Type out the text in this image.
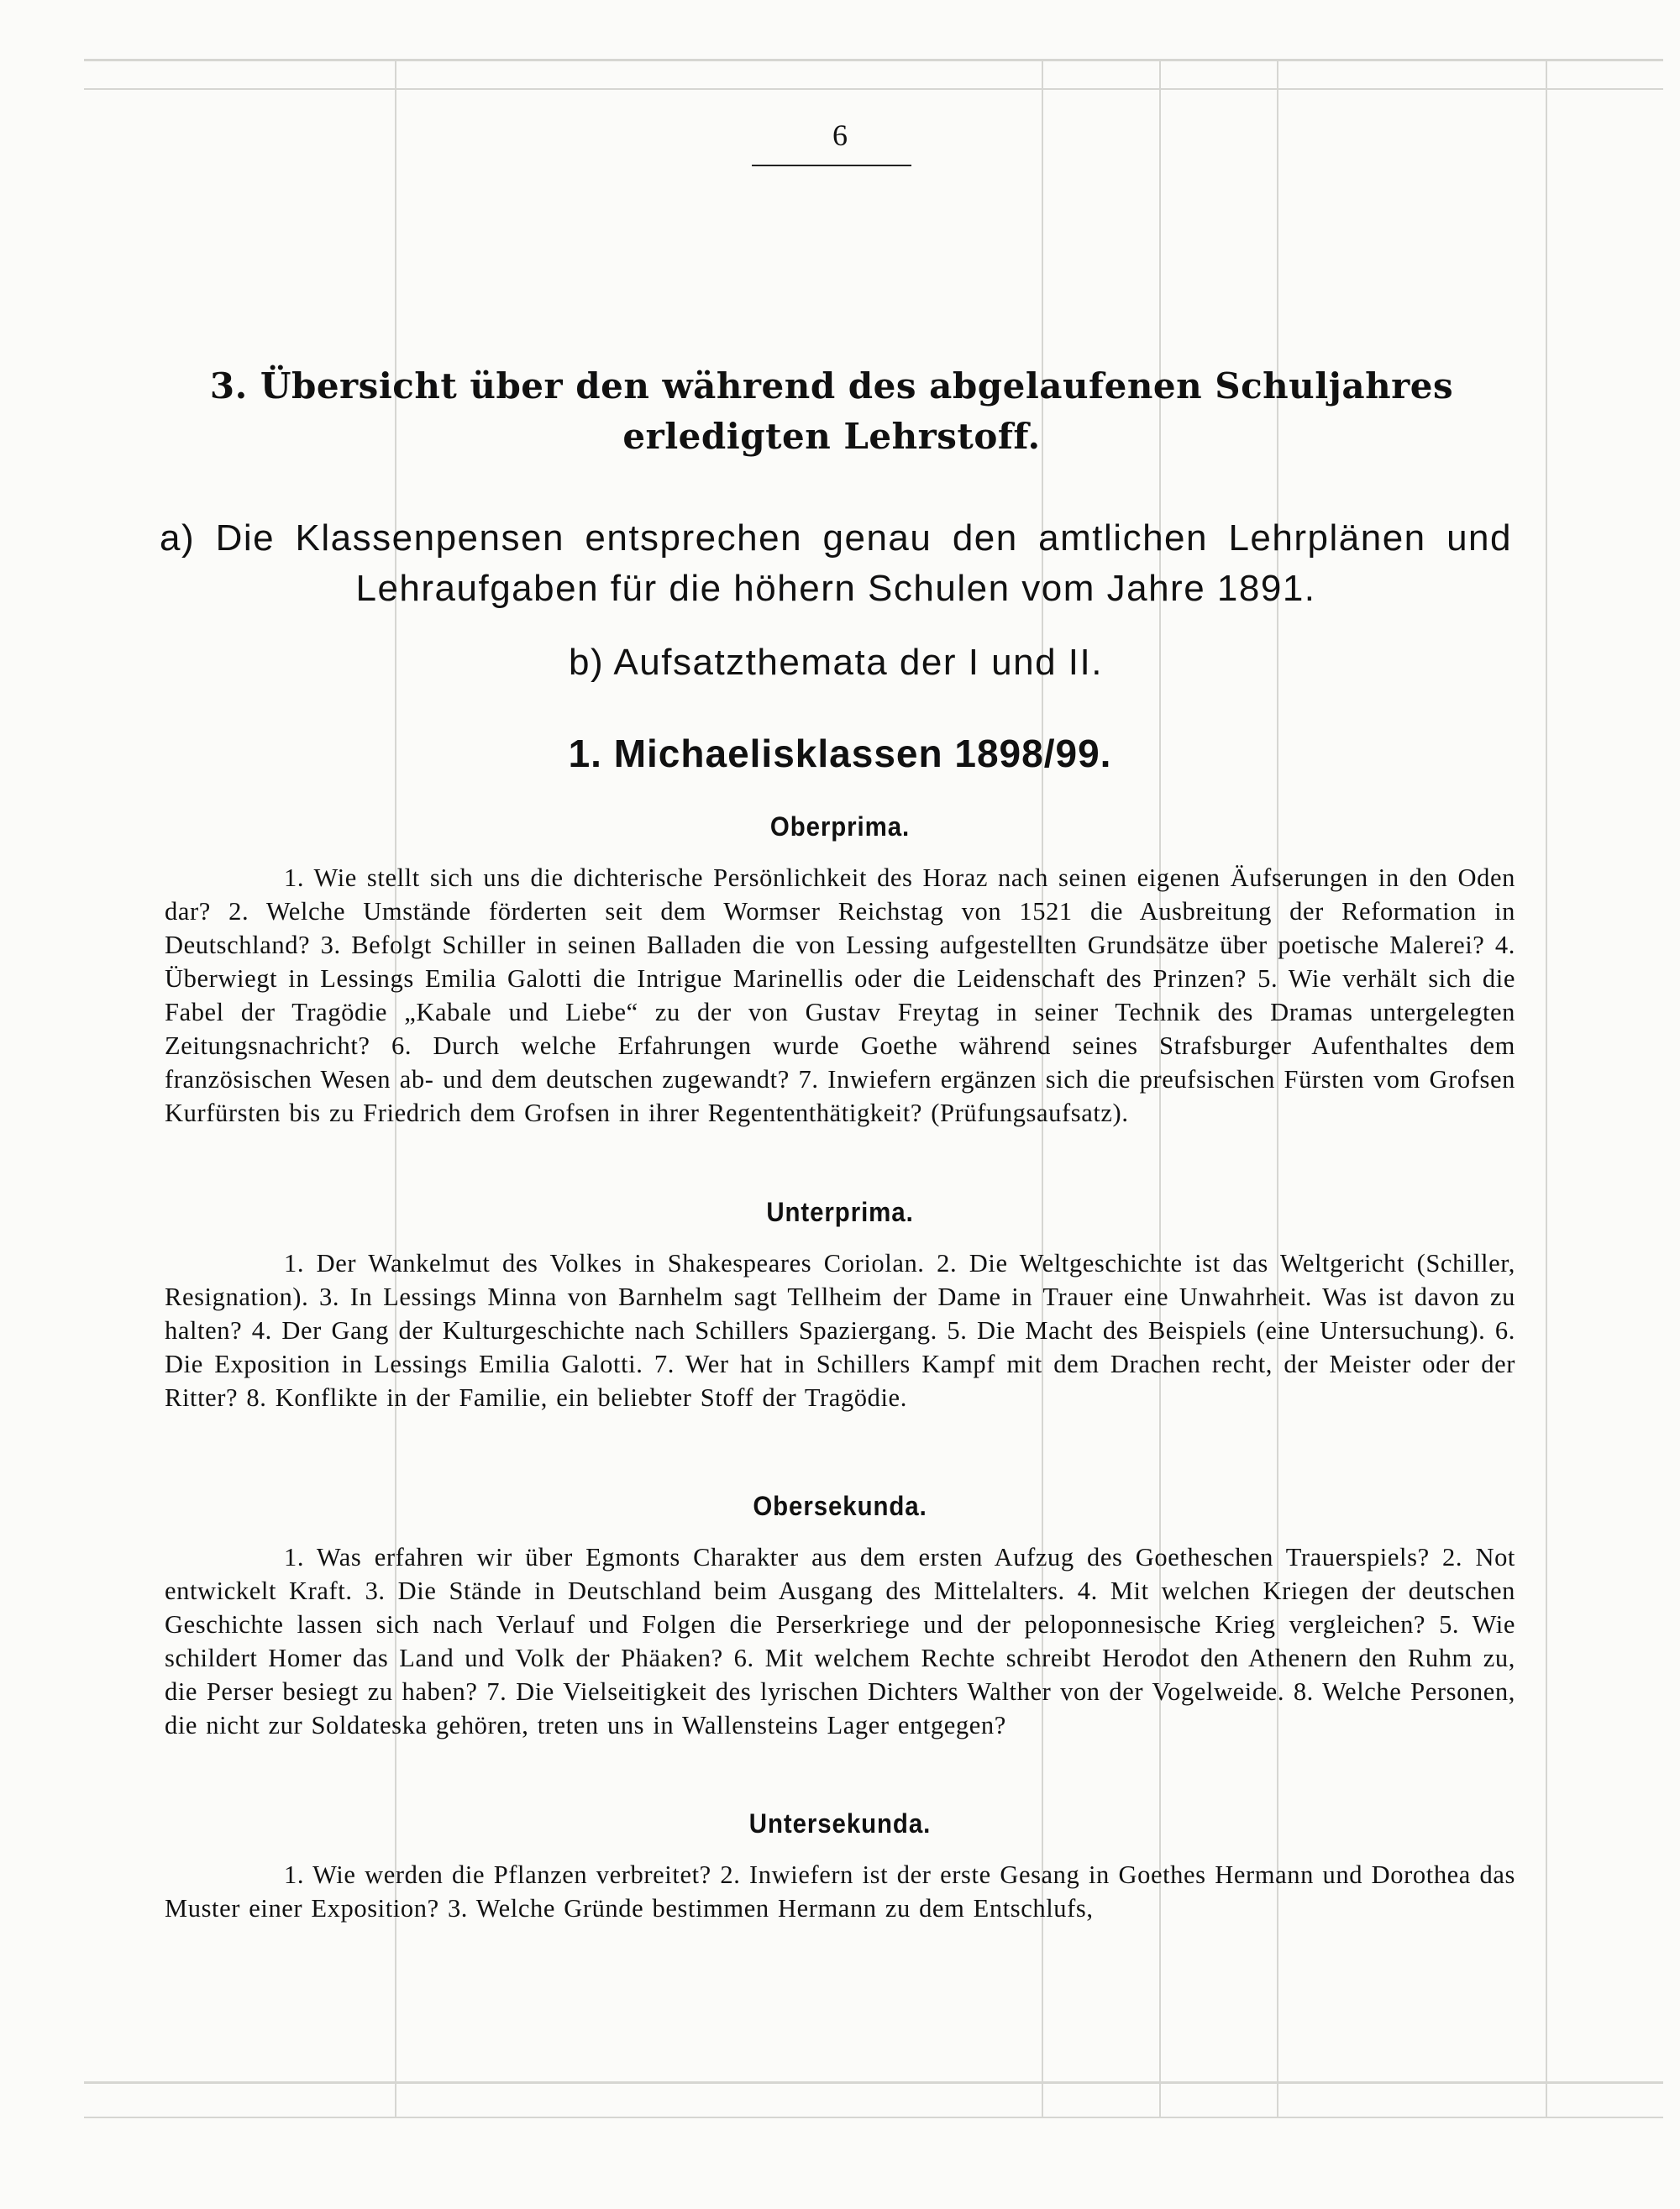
6
3. Übersicht über den während des abgelaufenen Schuljahres erledigten Lehrstoff.
a) Die Klassenpensen entsprechen genau den amtlichen Lehrplänen und
Lehraufgaben für die höhern Schulen vom Jahre 1891.
b) Aufsatzthemata der I und II.
1. Michaelisklassen 1898/99.
Oberprima.
1. Wie stellt sich uns die dichterische Persönlichkeit des Horaz nach seinen eigenen Äufserungen in den Oden dar? 2. Welche Umstände förderten seit dem Wormser Reichstag von 1521 die Ausbreitung der Reformation in Deutschland? 3. Befolgt Schiller in seinen Balladen die von Lessing aufgestellten Grundsätze über poetische Malerei? 4. Überwiegt in Lessings Emilia Galotti die Intrigue Marinellis oder die Leidenschaft des Prinzen? 5. Wie verhält sich die Fabel der Tragödie „Kabale und Liebe“ zu der von Gustav Freytag in seiner Technik des Dramas untergelegten Zeitungsnachricht? 6. Durch welche Erfahrungen wurde Goethe während seines Strafsburger Aufenthaltes dem französischen Wesen ab- und dem deutschen zugewandt? 7. Inwiefern ergänzen sich die preufsischen Fürsten vom Grofsen Kurfürsten bis zu Friedrich dem Grofsen in ihrer Regententhätigkeit? (Prüfungsaufsatz).
Unterprima.
1. Der Wankelmut des Volkes in Shakespeares Coriolan. 2. Die Weltgeschichte ist das Weltgericht (Schiller, Resignation). 3. In Lessings Minna von Barnhelm sagt Tellheim der Dame in Trauer eine Unwahrheit. Was ist davon zu halten? 4. Der Gang der Kulturgeschichte nach Schillers Spaziergang. 5. Die Macht des Beispiels (eine Untersuchung). 6. Die Exposition in Lessings Emilia Galotti. 7. Wer hat in Schillers Kampf mit dem Drachen recht, der Meister oder der Ritter? 8. Konflikte in der Familie, ein beliebter Stoff der Tragödie.
Obersekunda.
1. Was erfahren wir über Egmonts Charakter aus dem ersten Aufzug des Goetheschen Trauerspiels? 2. Not entwickelt Kraft. 3. Die Stände in Deutschland beim Ausgang des Mittelalters. 4. Mit welchen Kriegen der deutschen Geschichte lassen sich nach Verlauf und Folgen die Perserkriege und der peloponnesische Krieg vergleichen? 5. Wie schildert Homer das Land und Volk der Phäaken? 6. Mit welchem Rechte schreibt Herodot den Athenern den Ruhm zu, die Perser besiegt zu haben? 7. Die Vielseitigkeit des lyrischen Dichters Walther von der Vogelweide. 8. Welche Personen, die nicht zur Soldateska gehören, treten uns in Wallensteins Lager entgegen?
Untersekunda.
1. Wie werden die Pflanzen verbreitet? 2. Inwiefern ist der erste Gesang in Goethes Hermann und Dorothea das Muster einer Exposition? 3. Welche Gründe bestimmen Hermann zu dem Entschlufs,
